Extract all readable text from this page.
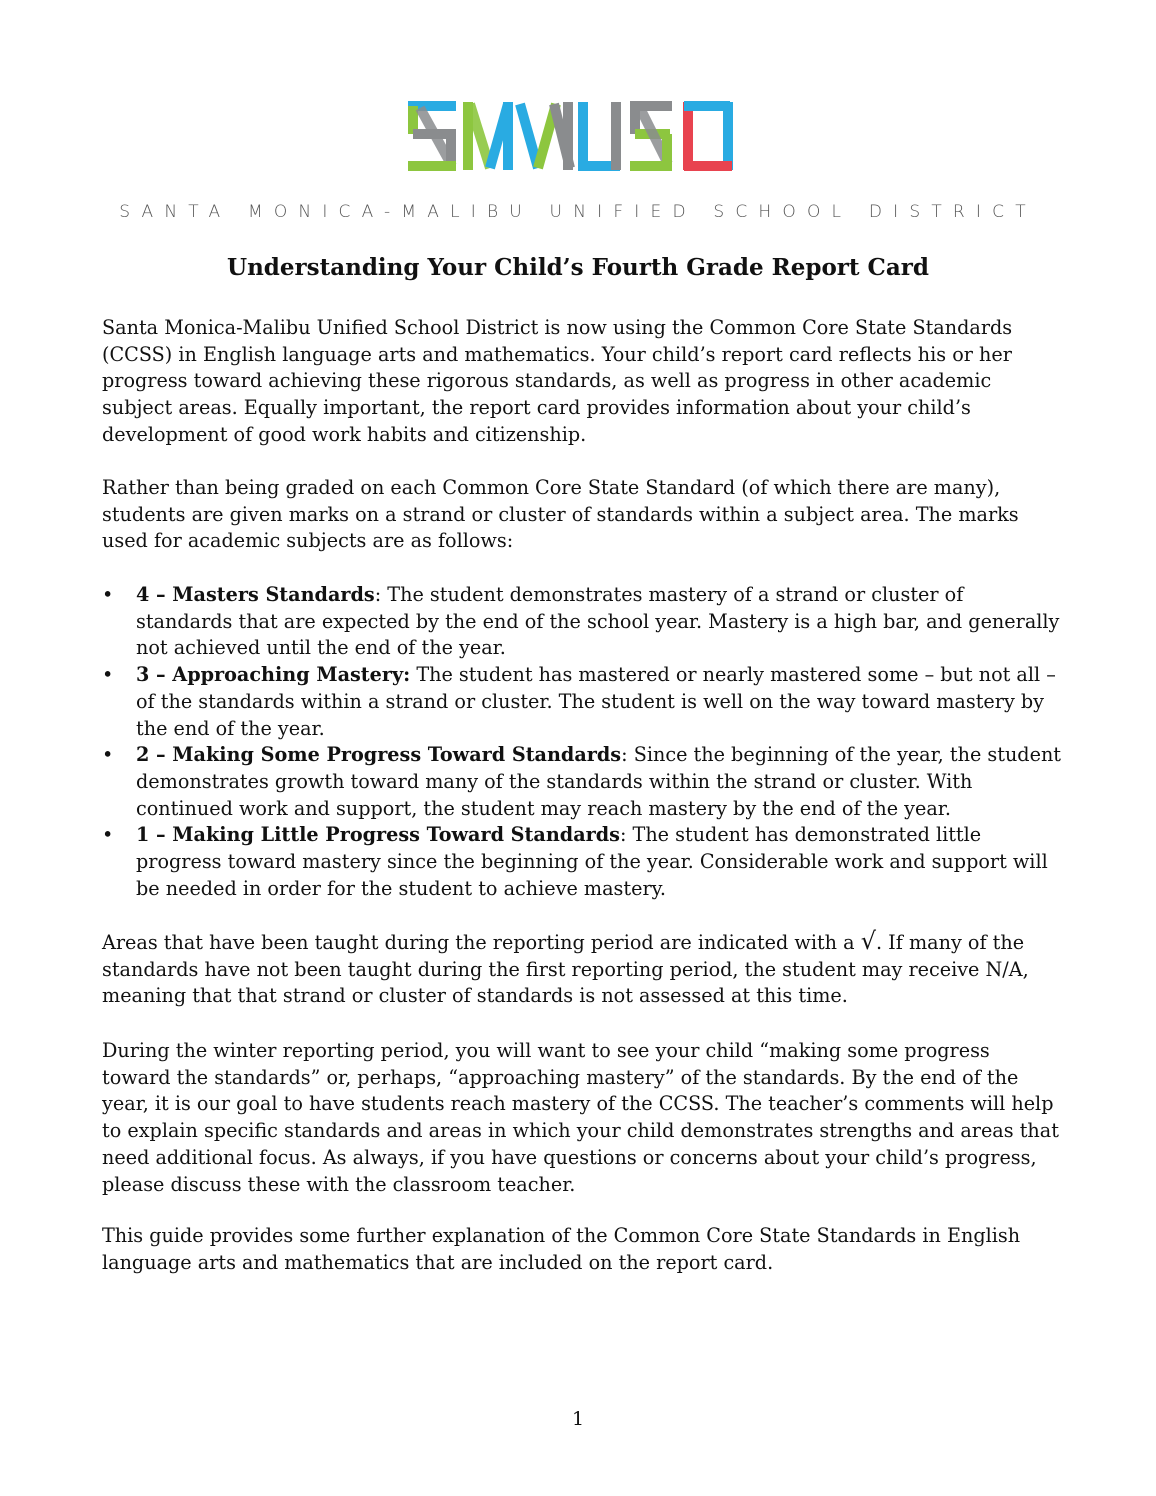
SANTA MONICA-MALIBU UNIFIED SCHOOL DISTRICT
Understanding Your Child’s Fourth Grade Report Card
Santa Monica-Malibu Unified School District is now using the Common Core State Standards (CCSS) in English language arts and mathematics. Your child’s report card reflects his or her progress toward achieving these rigorous standards, as well as progress in other academic subject areas. Equally important, the report card provides information about your child’s development of good work habits and citizenship.
Rather than being graded on each Common Core State Standard (of which there are many), students are given marks on a strand or cluster of standards within a subject area. The marks used for academic subjects are as follows:
• 4 – Masters Standards: The student demonstrates mastery of a strand or cluster of standards that are expected by the end of the school year. Mastery is a high bar, and generally not achieved until the end of the year.
• 3 – Approaching Mastery: The student has mastered or nearly mastered some – but not all – of the standards within a strand or cluster. The student is well on the way toward mastery by the end of the year.
• 2 – Making Some Progress Toward Standards: Since the beginning of the year, the student demonstrates growth toward many of the standards within the strand or cluster. With continued work and support, the student may reach mastery by the end of the year.
• 1 – Making Little Progress Toward Standards: The student has demonstrated little progress toward mastery since the beginning of the year. Considerable work and support will be needed in order for the student to achieve mastery.
Areas that have been taught during the reporting period are indicated with a √. If many of the standards have not been taught during the first reporting period, the student may receive N/A, meaning that that strand or cluster of standards is not assessed at this time.
During the winter reporting period, you will want to see your child “making some progress toward the standards” or, perhaps, “approaching mastery” of the standards. By the end of the year, it is our goal to have students reach mastery of the CCSS. The teacher’s comments will help to explain specific standards and areas in which your child demonstrates strengths and areas that need additional focus. As always, if you have questions or concerns about your child’s progress, please discuss these with the classroom teacher.
This guide provides some further explanation of the Common Core State Standards in English language arts and mathematics that are included on the report card.
1
